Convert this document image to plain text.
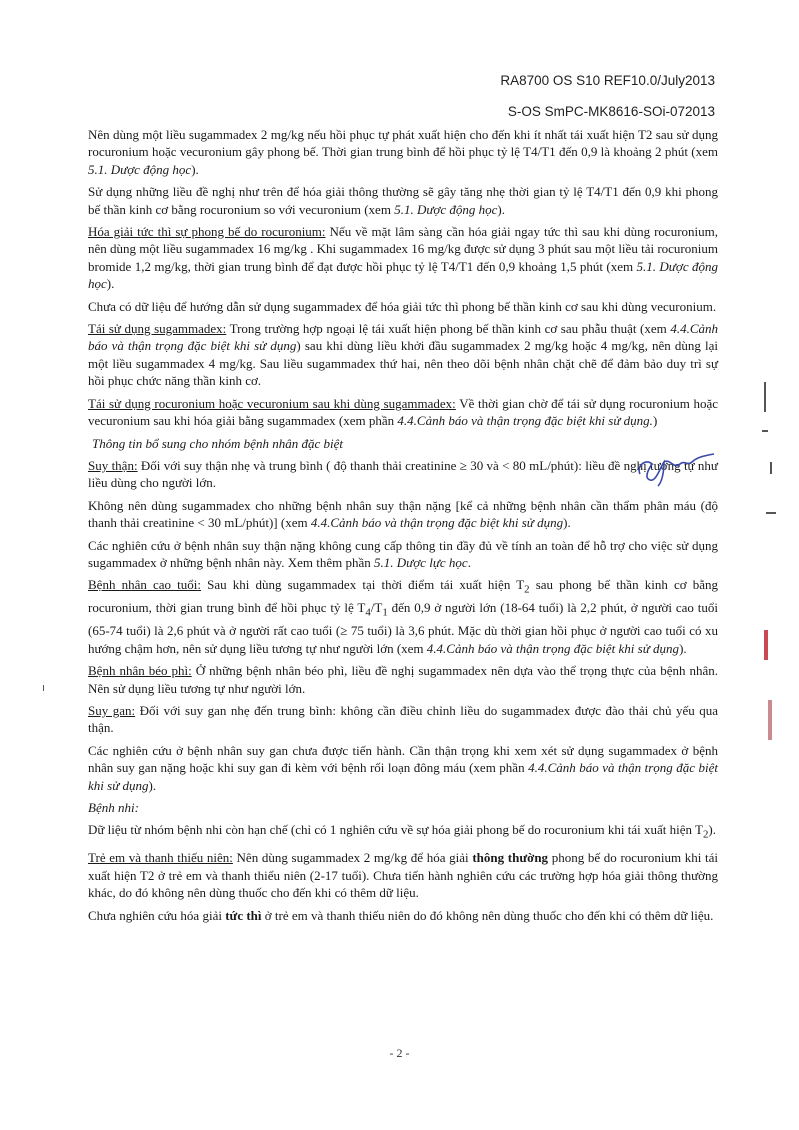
RA8700 OS S10 REF10.0/July2013
S-OS SmPC-MK8616-SOi-072013

Nên dùng một liều sugammadex 2 mg/kg nếu hồi phục tự phát xuất hiện cho đến khi ít nhất tái xuất hiện T2 sau sử dụng rocuronium hoặc vecuronium gây phong bế. Thời gian trung bình để hồi phục tỷ lệ T4/T1 đến 0,9 là khoảng 2 phút (xem 5.1. Dược động học).

Sử dụng những liều đề nghị như trên để hóa giải thông thường sẽ gây tăng nhẹ thời gian tỷ lệ T4/T1 đến 0,9 khi phong bế thần kinh cơ bằng rocuronium so với vecuronium (xem 5.1. Dược động học).

Hóa giải tức thì sự phong bế do rocuronium: Nếu về mặt lâm sàng cần hóa giải ngay tức thì sau khi dùng rocuronium, nên dùng một liều sugammadex 16 mg/kg . Khi sugammadex 16 mg/kg được sử dụng 3 phút sau một liều tải rocuronium bromide 1,2 mg/kg, thời gian trung bình để đạt được hồi phục tỷ lệ T4/T1 đến 0,9 khoảng 1,5 phút (xem 5.1. Dược động học).

Chưa có dữ liệu để hướng dẫn sử dụng sugammadex để hóa giải tức thì phong bế thần kinh cơ sau khi dùng vecuronium.

Tái sử dụng sugammadex: Trong trường hợp ngoại lệ tái xuất hiện phong bế thần kinh cơ sau phẫu thuật (xem 4.4.Cảnh báo và thận trọng đặc biệt khi sử dụng) sau khi dùng liều khởi đầu sugammadex 2 mg/kg hoặc 4 mg/kg, nên dùng lại một liều sugammadex 4 mg/kg. Sau liều sugammadex thứ hai, nên theo dõi bệnh nhân chặt chẽ để đảm bảo duy trì sự hồi phục chức năng thần kinh cơ.

Tái sử dụng rocuronium hoặc vecuronium sau khi dùng sugammadex: Về thời gian chờ để tái sử dụng rocuronium hoặc vecuronium sau khi hóa giải bằng sugammadex (xem phần 4.4.Cảnh báo và thận trọng đặc biệt khi sử dụng.)

Thông tin bổ sung cho nhóm bệnh nhân đặc biệt

Suy thận: Đối với suy thận nhẹ và trung bình ( độ thanh thải creatinine ≥ 30 và < 80 mL/phút): liều đề nghị tương tự như liều dùng cho người lớn.

Không nên dùng sugammadex cho những bệnh nhân suy thận nặng [kể cả những bệnh nhân cần thẩm phân máu (độ thanh thải creatinine < 30 mL/phút)] (xem 4.4.Cảnh báo và thận trọng đặc biệt khi sử dụng).

Các nghiên cứu ở bệnh nhân suy thận nặng không cung cấp thông tin đầy đủ về tính an toàn để hỗ trợ cho việc sử dụng sugammadex ở những bệnh nhân này. Xem thêm phần 5.1. Dược lực học.

Bệnh nhân cao tuổi: Sau khi dùng sugammadex tại thời điểm tái xuất hiện $T_2$ sau phong bế thần kinh cơ bằng rocuronium, thời gian trung bình để hồi phục tỷ lệ $T_4/T_1$ đến 0,9 ở người lớn (18-64 tuổi) là 2,2 phút, ở người cao tuổi (65-74 tuổi) là 2,6 phút và ở người rất cao tuổi (≥ 75 tuổi) là 3,6 phút. Mặc dù thời gian hồi phục ở người cao tuổi có xu hướng chậm hơn, nên sử dụng liều tương tự như người lớn (xem 4.4.Cảnh báo và thận trọng đặc biệt khi sử dụng).

Bệnh nhân béo phì: Ở những bệnh nhân béo phì, liều đề nghị sugammadex nên dựa vào thể trọng thực của bệnh nhân. Nên sử dụng liều tương tự như người lớn.

Suy gan: Đối với suy gan nhẹ đến trung bình: không cần điều chỉnh liều do sugammadex được đào thải chủ yếu qua thận.

Các nghiên cứu ở bệnh nhân suy gan chưa được tiến hành. Cần thận trọng khi xem xét sử dụng sugammadex ở bệnh nhân suy gan nặng hoặc khi suy gan đi kèm với bệnh rối loạn đông máu (xem phần 4.4.Cảnh báo và thận trọng đặc biệt khi sử dụng).

Bệnh nhi:

Dữ liệu từ nhóm bệnh nhi còn hạn chế (chỉ có 1 nghiên cứu về sự hóa giải phong bế do rocuronium khi tái xuất hiện $T_2$).

Trẻ em và thanh thiếu niên: Nên dùng sugammadex 2 mg/kg để hóa giải thông thường phong bế do rocuronium khi tái xuất hiện T2 ở trẻ em và thanh thiếu niên (2-17 tuổi). Chưa tiến hành nghiên cứu các trường hợp hóa giải thông thường khác, do đó không nên dùng thuốc cho đến khi có thêm dữ liệu.

Chưa nghiên cứu hóa giải tức thì ở trẻ em và thanh thiếu niên do đó không nên dùng thuốc cho đến khi có thêm dữ liệu.

- 2 -
